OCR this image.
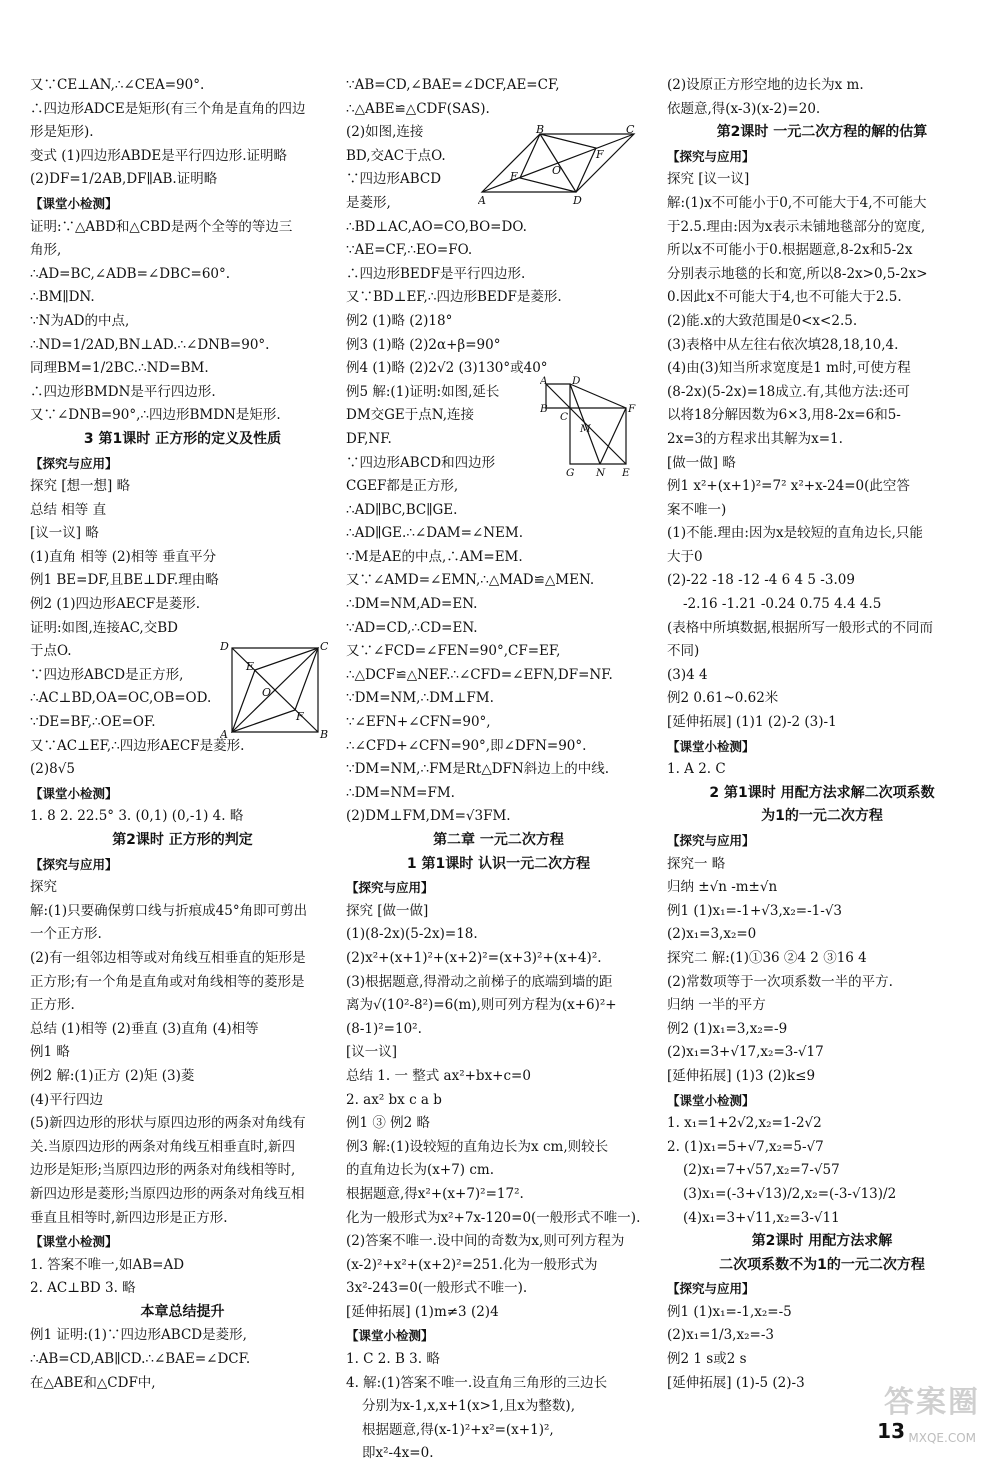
又∵CE⊥AN,∴∠CEA=90°.
∴四边形ADCE是矩形(有三个角是直角的四边
形是矩形).
变式 (1)四边形ABDE是平行四边形.证明略
(2)DF=1/2AB,DF∥AB.证明略
【课堂小检测】
证明:∵△ABD和△CBD是两个全等的等边三
角形,
∴AD=BC,∠ADB=∠DBC=60°.
∴BM∥DN.
∵N为AD的中点,
∴ND=1/2AD,BN⊥AD.∴∠DNB=90°.
同理BM=1/2BC.∴ND=BM.
∴四边形BMDN是平行四边形.
又∵∠DNB=90°,∴四边形BMDN是矩形.
3 第1课时 正方形的定义及性质
【探究与应用】
探究 [想一想] 略
总结 相等 直
[议一议] 略
(1)直角 相等 (2)相等 垂直平分
例1 BE=DF,且BE⊥DF.理由略
例2 (1)四边形AECF是菱形.
证明:如图,连接AC,交BD
于点O.
∵四边形ABCD是正方形,
∴AC⊥BD,OA=OC,OB=OD.
∵DE=BF,∴OE=OF.
又∵AC⊥EF,∴四边形AECF是菱形.
(2)8√5
【课堂小检测】
1. 8 2. 22.5° 3. (0,1) (0,-1) 4. 略
第2课时 正方形的判定
【探究与应用】
探究
解:(1)只要确保剪口线与折痕成45°角即可剪出
一个正方形.
(2)有一组邻边相等或对角线互相垂直的矩形是
正方形;有一个角是直角或对角线相等的菱形是
正方形.
总结 (1)相等 (2)垂直 (3)直角 (4)相等
例1 略
例2 解:(1)正方 (2)矩 (3)菱
(4)平行四边
(5)新四边形的形状与原四边形的两条对角线有
关.当原四边形的两条对角线互相垂直时,新四
边形是矩形;当原四边形的两条对角线相等时,
新四边形是菱形;当原四边形的两条对角线互相
垂直且相等时,新四边形是正方形.
【课堂小检测】
1. 答案不唯一,如AB=AD
2. AC⊥BD 3. 略
本章总结提升
例1 证明:(1)∵四边形ABCD是菱形,
∴AB=CD,AB∥CD.∴∠BAE=∠DCF.
在△ABE和△CDF中,
∵AB=CD,∠BAE=∠DCF,AE=CF,
∴△ABE≌△CDF(SAS).
(2)如图,连接
BD,交AC于点O.
∵四边形ABCD
是菱形,
∴BD⊥AC,AO=CO,BO=DO.
∵AE=CF,∴EO=FO.
∴四边形BEDF是平行四边形.
又∵BD⊥EF,∴四边形BEDF是菱形.
例2 (1)略 (2)18°
例3 (1)略 (2)2α+β=90°
例4 (1)略 (2)2√2 (3)130°或40°
例5 解:(1)证明:如图,延长
DM交GE于点N,连接
DF,NF.
∵四边形ABCD和四边形
CGEF都是正方形,
∴AD∥BC,BC∥GE.
∴AD∥GE.∴∠DAM=∠NEM.
∵M是AE的中点,∴AM=EM.
又∵∠AMD=∠EMN,∴△MAD≌△MEN.
∴DM=NM,AD=EN.
∵AD=CD,∴CD=EN.
又∵∠FCD=∠FEN=90°,CF=EF,
∴△DCF≌△NEF.∴∠CFD=∠EFN,DF=NF.
∵DM=NM,∴DM⊥FM.
∵∠EFN+∠CFN=90°,
∴∠CFD+∠CFN=90°,即∠DFN=90°.
∵DM=NM,∴FM是Rt△DFN斜边上的中线.
∴DM=NM=FM.
(2)DM⊥FM,DM=√3FM.
第二章 一元二次方程
1 第1课时 认识一元二次方程
【探究与应用】
探究 [做一做]
(1)(8-2x)(5-2x)=18.
(2)x²+(x+1)²+(x+2)²=(x+3)²+(x+4)².
(3)根据题意,得滑动之前梯子的底端到墙的距
离为√(10²-8²)=6(m),则可列方程为(x+6)²+
(8-1)²=10².
[议一议]
总结 1. 一 整式 ax²+bx+c=0
2. ax² bx c a b
例1 ③ 例2 略
例3 解:(1)设较短的直角边长为x cm,则较长
的直角边长为(x+7) cm.
根据题意,得x²+(x+7)²=17².
化为一般形式为x²+7x-120=0(一般形式不唯一).
(2)答案不唯一.设中间的奇数为x,则可列方程为
(x-2)²+x²+(x+2)²=251.化为一般形式为
3x²-243=0(一般形式不唯一).
[延伸拓展] (1)m≠3 (2)4
【课堂小检测】
1. C 2. B 3. 略
4. 解:(1)答案不唯一.设直角三角形的三边长
分别为x-1,x,x+1(x>1,且x为整数),
根据题意,得(x-1)²+x²=(x+1)²,
即x²-4x=0.
(2)设原正方形空地的边长为x m.
依题意,得(x-3)(x-2)=20.
第2课时 一元二次方程的解的估算
【探究与应用】
探究 [议一议]
解:(1)x不可能小于0,不可能大于4,不可能大
于2.5.理由:因为x表示未铺地毯部分的宽度,
所以x不可能小于0.根据题意,8-2x和5-2x
分别表示地毯的长和宽,所以8-2x>0,5-2x>
0.因此x不可能大于4,也不可能大于2.5.
(2)能.x的大致范围是0<x<2.5.
(3)表格中从左往右依次填28,18,10,4.
(4)由(3)知当所求宽度是1 m时,可使方程
(8-2x)(5-2x)=18成立.有,其他方法:还可
以将18分解因数为6×3,用8-2x=6和5-
2x=3的方程求出其解为x=1.
[做一做] 略
例1 x²+(x+1)²=7² x²+x-24=0(此空答
案不唯一)
(1)不能.理由:因为x是较短的直角边长,只能
大于0
(2)-22 -18 -12 -4 6 4 5 -3.09
-2.16 -1.21 -0.24 0.75 4.4 4.5
(表格中所填数据,根据所写一般形式的不同而
不同)
(3)4 4
例2 0.61~0.62米
[延伸拓展] (1)1 (2)-2 (3)-1
【课堂小检测】
1. A 2. C
2 第1课时 用配方法求解二次项系数
为1的一元二次方程
【探究与应用】
探究一 略
归纳 ±√n -m±√n
例1 (1)x₁=-1+√3,x₂=-1-√3
(2)x₁=3,x₂=0
探究二 解:(1)①36 ②4 2 ③16 4
(2)常数项等于一次项系数一半的平方.
归纳 一半的平方
例2 (1)x₁=3,x₂=-9
(2)x₁=3+√17,x₂=3-√17
[延伸拓展] (1)3 (2)k≤9
【课堂小检测】
1. x₁=1+2√2,x₂=1-2√2
2. (1)x₁=5+√7,x₂=5-√7
(2)x₁=7+√57,x₂=7-√57
(3)x₁=(-3+√13)/2,x₂=(-3-√13)/2
(4)x₁=3+√11,x₂=3-√11
第2课时 用配方法求解
二次项系数不为1的一元二次方程
【探究与应用】
例1 (1)x₁=-1,x₂=-5
(2)x₁=1/3,x₂=-3
例2 1 s或2 s
[延伸拓展] (1)-5 (2)-3
D	C
A	B
E
F
O
B	C
A	D
E
F
O
A D
B
C
F
M
G N E
答案圈
MXQE.COM
13
